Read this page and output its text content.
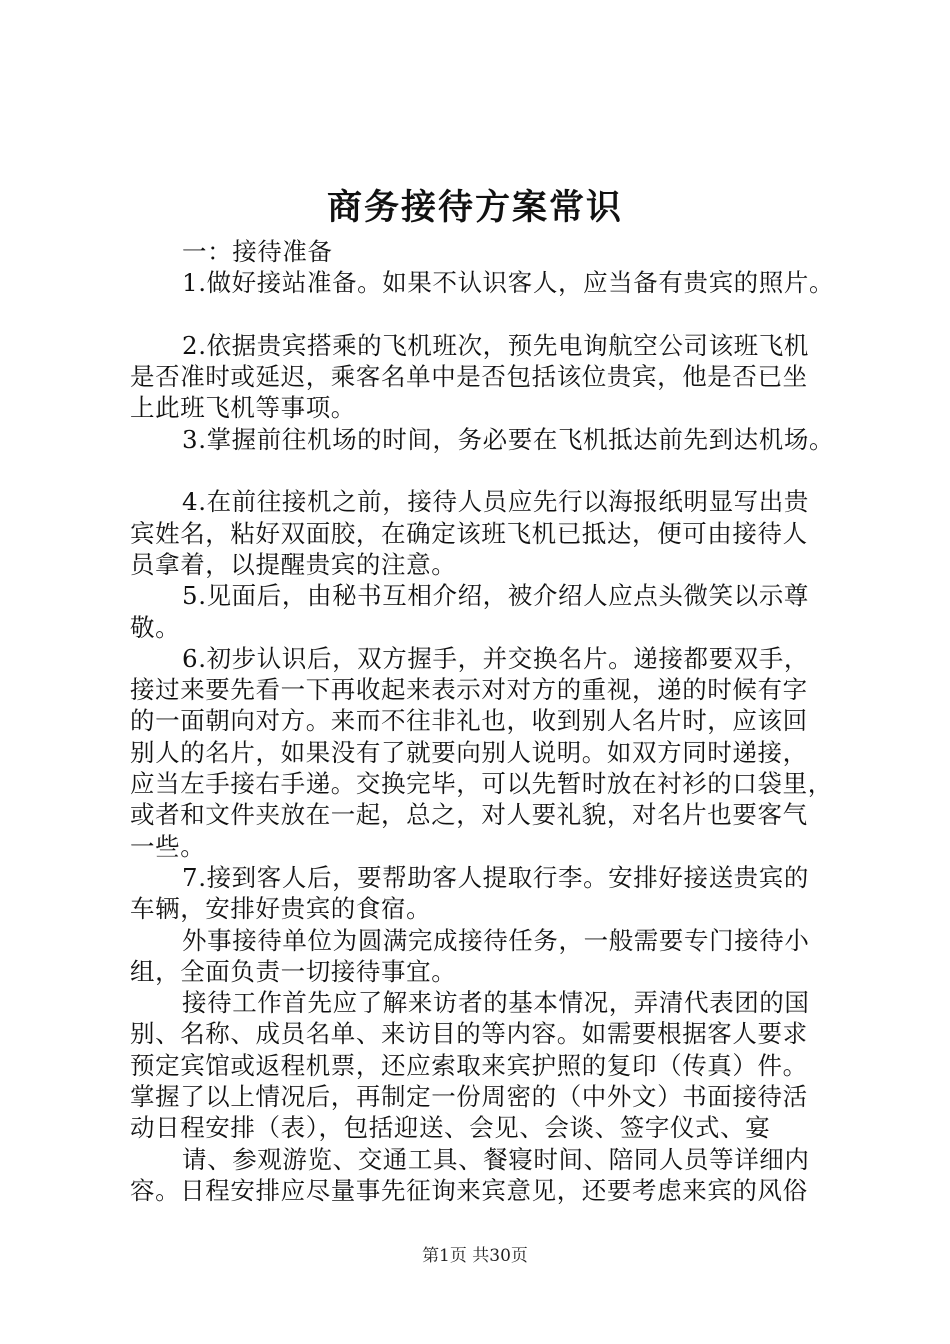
商务接待方案常识
一：接待准备
1.做好接站准备。如果不认识客人，应当备有贵宾的照片。
2.依据贵宾搭乘的飞机班次，预先电询航空公司该班飞机
是否准时或延迟，乘客名单中是否包括该位贵宾，他是否已坐
上此班飞机等事项。
3.掌握前往机场的时间，务必要在飞机抵达前先到达机场。
4.在前往接机之前，接待人员应先行以海报纸明显写出贵
宾姓名，粘好双面胶，在确定该班飞机已抵达，便可由接待人
员拿着，以提醒贵宾的注意。
5.见面后，由秘书互相介绍，被介绍人应点头微笑以示尊
敬。
6.初步认识后，双方握手，并交换名片。递接都要双手，
接过来要先看一下再收起来表示对对方的重视，递的时候有字
的一面朝向对方。来而不往非礼也，收到别人名片时，应该回
别人的名片，如果没有了就要向别人说明。如双方同时递接，
应当左手接右手递。交换完毕，可以先暂时放在衬衫的口袋里，
或者和文件夹放在一起，总之，对人要礼貌，对名片也要客气
一些。
7.接到客人后，要帮助客人提取行李。安排好接送贵宾的
车辆，安排好贵宾的食宿。
外事接待单位为圆满完成接待任务，一般需要专门接待小
组，全面负责一切接待事宜。
接待工作首先应了解来访者的基本情况，弄清代表团的国
别、名称、成员名单、来访目的等内容。如需要根据客人要求
预定宾馆或返程机票，还应索取来宾护照的复印（传真）件。
掌握了以上情况后，再制定一份周密的（中外文）书面接待活
动日程安排（表），包括迎送、会见、会谈、签字仪式、宴
请、参观游览、交通工具、餐寝时间、陪同人员等详细内
容。日程安排应尽量事先征询来宾意见，还要考虑来宾的风俗
第1页 共30页
